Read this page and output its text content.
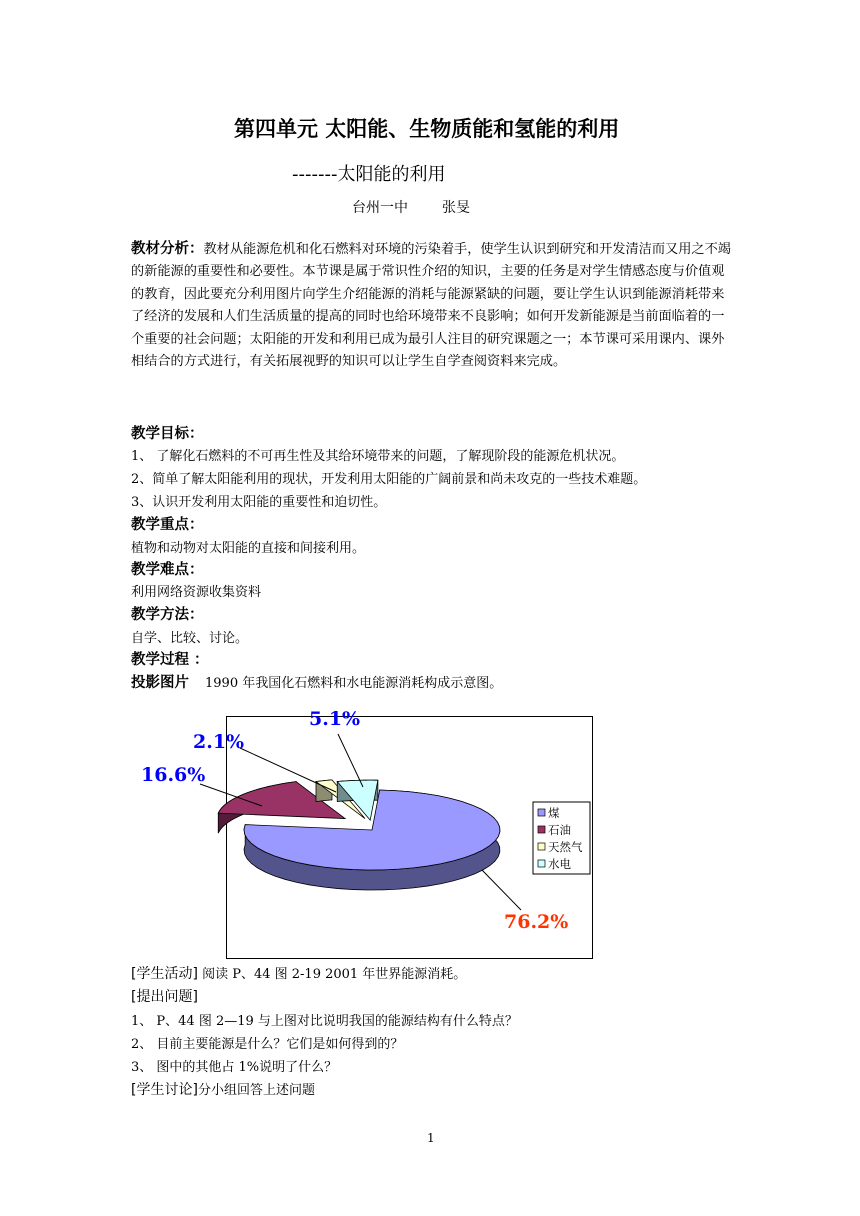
第四单元 太阳能、生物质能和氢能的利用
-------太阳能的利用
台州一中 张旻
教材分析：教材从能源危机和化石燃料对环境的污染着手，使学生认识到研究和开发清洁而又用之不竭的新能源的重要性和必要性。本节课是属于常识性介绍的知识，主要的任务是对学生情感态度与价值观的教育，因此要充分利用图片向学生介绍能源的消耗与能源紧缺的问题，要让学生认识到能源消耗带来了经济的发展和人们生活质量的提高的同时也给环境带来不良影响；如何开发新能源是当前面临着的一个重要的社会问题；太阳能的开发和利用已成为最引人注目的研究课题之一；本节课可采用课内、课外相结合的方式进行，有关拓展视野的知识可以让学生自学查阅资料来完成。
教学目标：
1、 了解化石燃料的不可再生性及其给环境带来的问题，了解现阶段的能源危机状况。
2、简单了解太阳能利用的现状，开发利用太阳能的广阔前景和尚未攻克的一些技术难题。
3、认识开发利用太阳能的重要性和迫切性。
教学重点：
植物和动物对太阳能的直接和间接利用。
教学难点：
利用网络资源收集资料
教学方法：
自学、比较、讨论。
教学过程 ：
投影图片 1990 年我国化石燃料和水电能源消耗构成示意图。
76.2%
16.6%
2.1%
5.1%
煤
石油
天然气
水电
[学生活动] 阅读 P、44 图 2-19 2001 年世界能源消耗。
[提出问题]
1、 P、44 图 2—19 与上图对比说明我国的能源结构有什么特点？
2、 目前主要能源是什么？它们是如何得到的？
3、 图中的其他占 1%说明了什么？
[学生讨论]分小组回答上述问题
1
